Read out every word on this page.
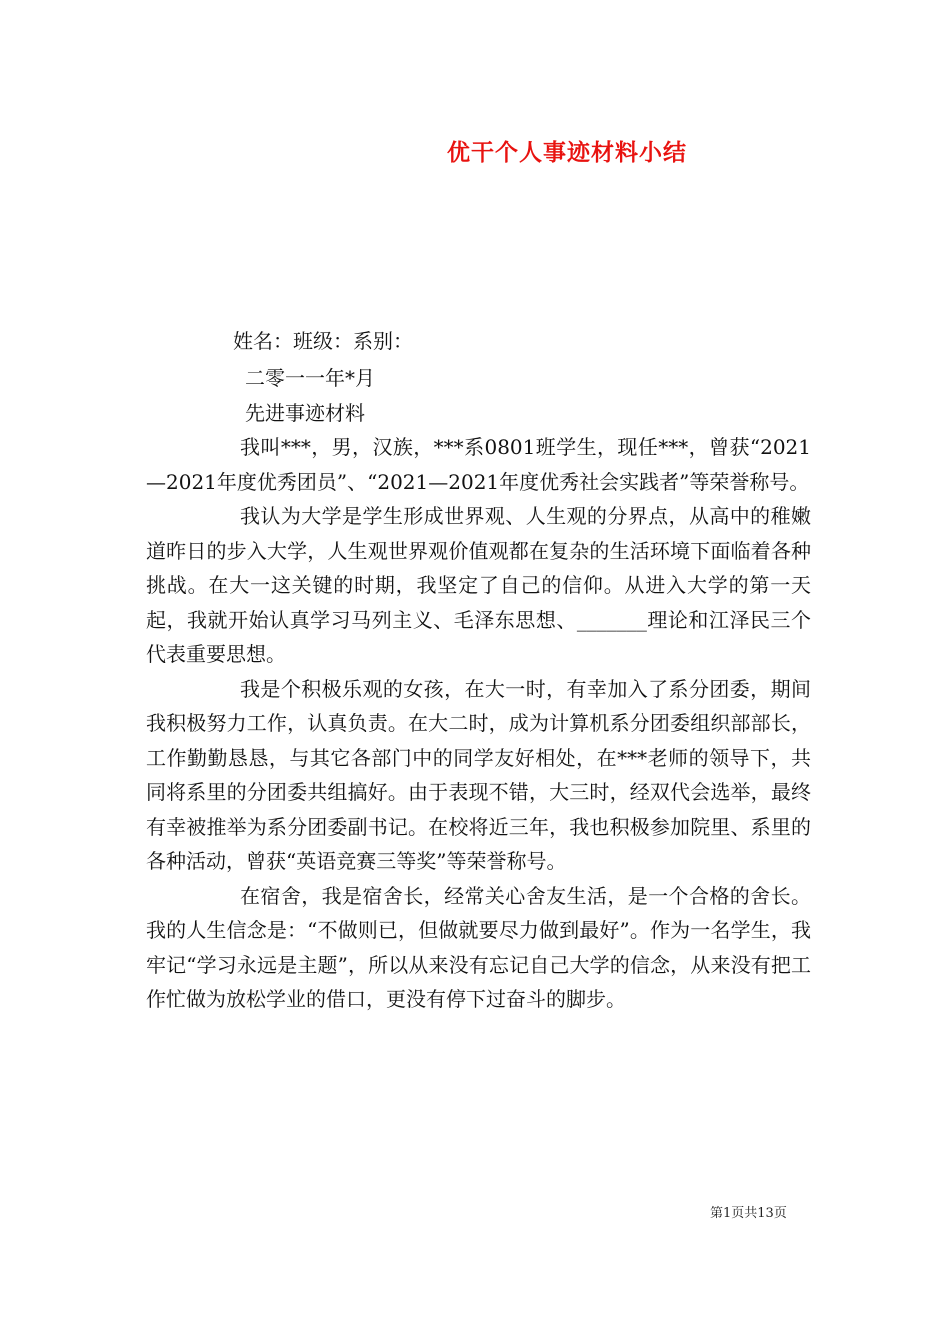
优干个人事迹材料小结
姓名：班级：系别：
二零一一年*月
先进事迹材料

我叫***，男，汉族，***系0801班学生，现任***，曾获“2021—2021年度优秀团员”、“2021—2021年度优秀社会实践者”等荣誉称号。

我认为大学是学生形成世界观、人生观的分界点，从高中的稚嫩道昨日的步入大学，人生观世界观价值观都在复杂的生活环境下面临着各种挑战。在大一这关键的时期，我坚定了自己的信仰。从进入大学的第一天起，我就开始认真学习马列主义、毛泽东思想、_______理论和江泽民三个代表重要思想。

我是个积极乐观的女孩，在大一时，有幸加入了系分团委，期间我积极努力工作，认真负责。在大二时，成为计算机系分团委组织部部长，工作勤勤恳恳，与其它各部门中的同学友好相处，在***老师的领导下，共同将系里的分团委共组搞好。由于表现不错，大三时，经双代会选举，最终有幸被推举为系分团委副书记。在校将近三年，我也积极参加院里、系里的各种活动，曾获“英语竞赛三等奖”等荣誉称号。

在宿舍，我是宿舍长，经常关心舍友生活，是一个合格的舍长。我的人生信念是：“不做则已，但做就要尽力做到最好”。作为一名学生，我牢记“学习永远是主题”，所以从来没有忘记自己大学的信念，从来没有把工作忙做为放松学业的借口，更没有停下过奋斗的脚步。

第1页共13页
